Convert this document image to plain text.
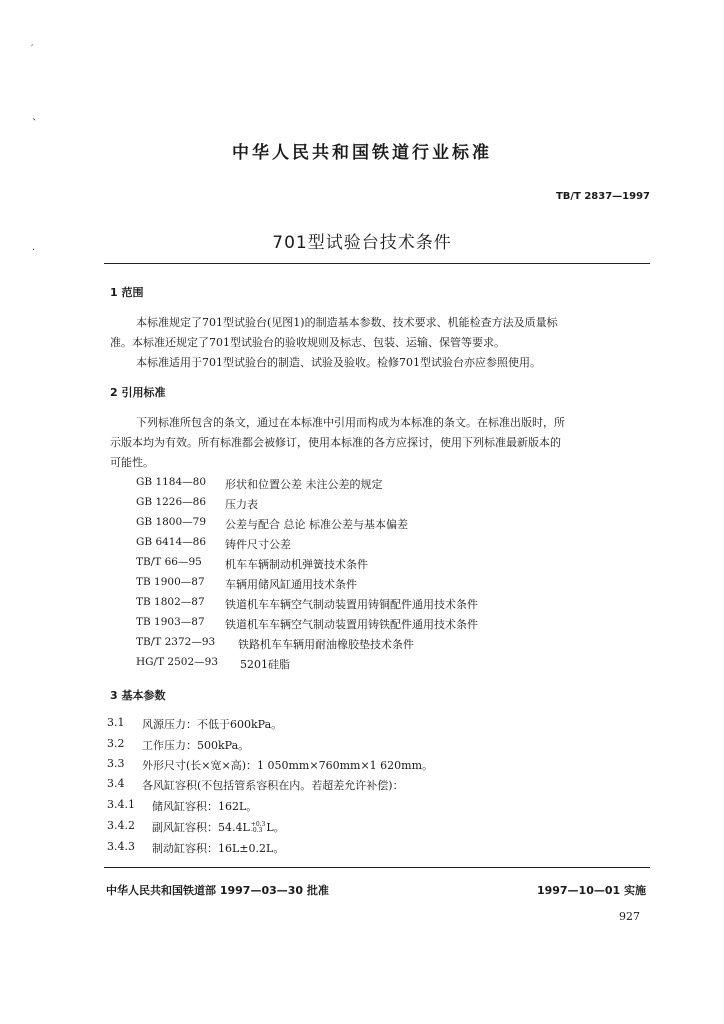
′
ˎ
·
中华人民共和国铁道行业标准
TB/T 2837—1997
701型试验台技术条件
1 范围
本标准规定了701型试验台(见图1)的制造基本参数、技术要求、机能检查方法及质量标
准。本标准还规定了701型试验台的验收规则及标志、包装、运输、保管等要求。
本标准适用于701型试验台的制造、试验及验收。检修701型试验台亦应参照使用。
2 引用标准
下列标准所包含的条文，通过在本标准中引用而构成为本标准的条文。在标准出版时，所
示版本均为有效。所有标准都会被修订，使用本标准的各方应探讨，使用下列标准最新版本的
可能性。
GB 1184—80 形状和位置公差 未注公差的规定
GB 1226—86 压力表
GB 1800—79 公差与配合 总论 标准公差与基本偏差
GB 6414—86 铸件尺寸公差
TB/T 66—95 机车车辆制动机弹簧技术条件
TB 1900—87 车辆用储风缸通用技术条件
TB 1802—87 铁道机车车辆空气制动装置用铸铜配件通用技术条件
TB 1903—87 铁道机车车辆空气制动装置用铸铁配件通用技术条件
TB/T 2372—93 铁路机车车辆用耐油橡胶垫技术条件
HG/T 2502—93 5201硅脂
3 基本参数
3.1 风源压力：不低于600kPa。
3.2 工作压力：500kPa。
3.3 外形尺寸(长×宽×高)：1 050mm×760mm×1 620mm。
3.4 各风缸容积(不包括管系容积在内。若超差允许补偿)：
3.4.1 储风缸容积：162L。
3.4.2 副风缸容积：54.4L +0.3
-0.3 L。
3.4.3 制动缸容积：16L±0.2L。
中华人民共和国铁道部 1997—03—30 批准	1997—10—01 实施
927
